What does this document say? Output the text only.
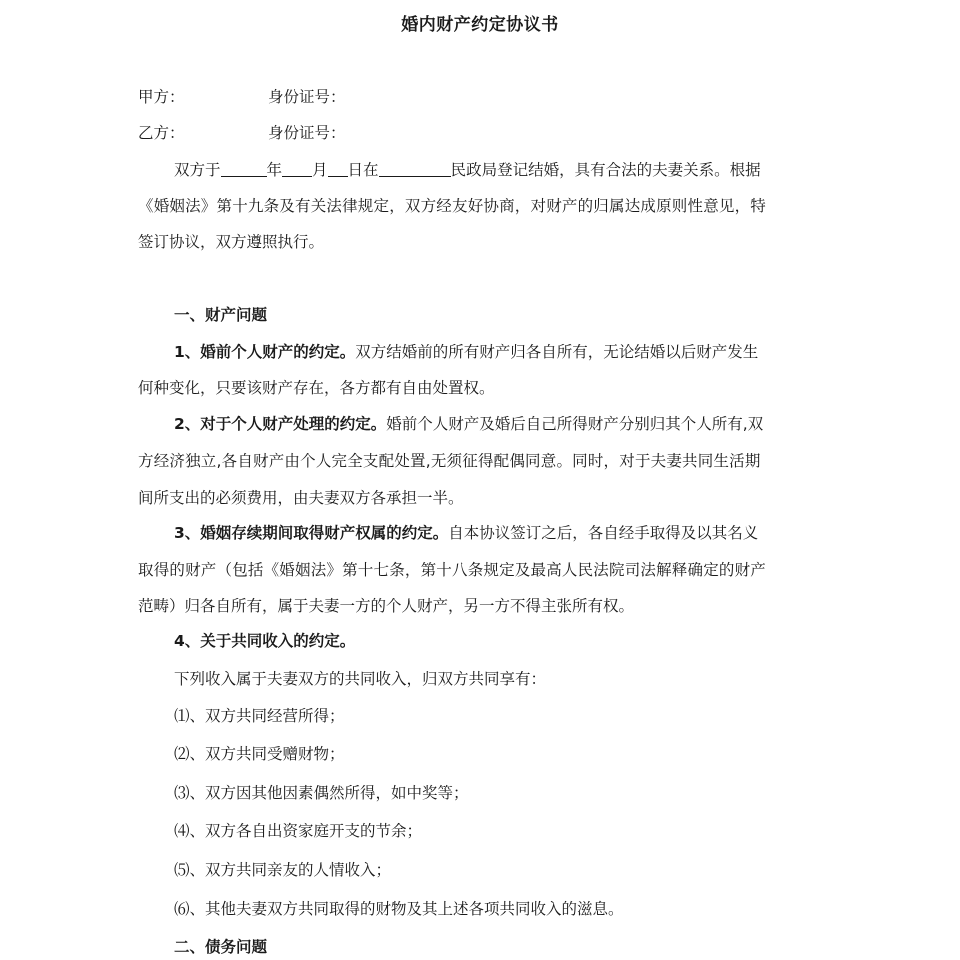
婚内财产约定协议书
甲方：	身份证号：
乙方：	身份证号：
双方于	年 月 日在	民政局登记结婚，具有合法的夫妻关系。根据
《婚姻法》第十九条及有关法律规定，双方经友好协商，对财产的归属达成原则性意见，特
签订协议，双方遵照执行。
一、财产问题
1、婚前个人财产的约定。双方结婚前的所有财产归各自所有，无论结婚以后财产发生
何种变化，只要该财产存在，各方都有自由处置权。
2、对于个人财产处理的约定。婚前个人财产及婚后自己所得财产分别归其个人所有,双
方经济独立,各自财产由个人完全支配处置,无须征得配偶同意。同时，对于夫妻共同生活期
间所支出的必须费用，由夫妻双方各承担一半。
3、婚姻存续期间取得财产权属的约定。自本协议签订之后，各自经手取得及以其名义
取得的财产（包括《婚姻法》第十七条，第十八条规定及最高人民法院司法解释确定的财产
范畴）归各自所有，属于夫妻一方的个人财产，另一方不得主张所有权。
4、关于共同收入的约定。
下列收入属于夫妻双方的共同收入，归双方共同享有：
⑴、双方共同经营所得；
⑵、双方共同受赠财物；
⑶、双方因其他因素偶然所得，如中奖等；
⑷、双方各自出资家庭开支的节余；
⑸、双方共同亲友的人情收入；
⑹、其他夫妻双方共同取得的财物及其上述各项共同收入的滋息。
二、债务问题
